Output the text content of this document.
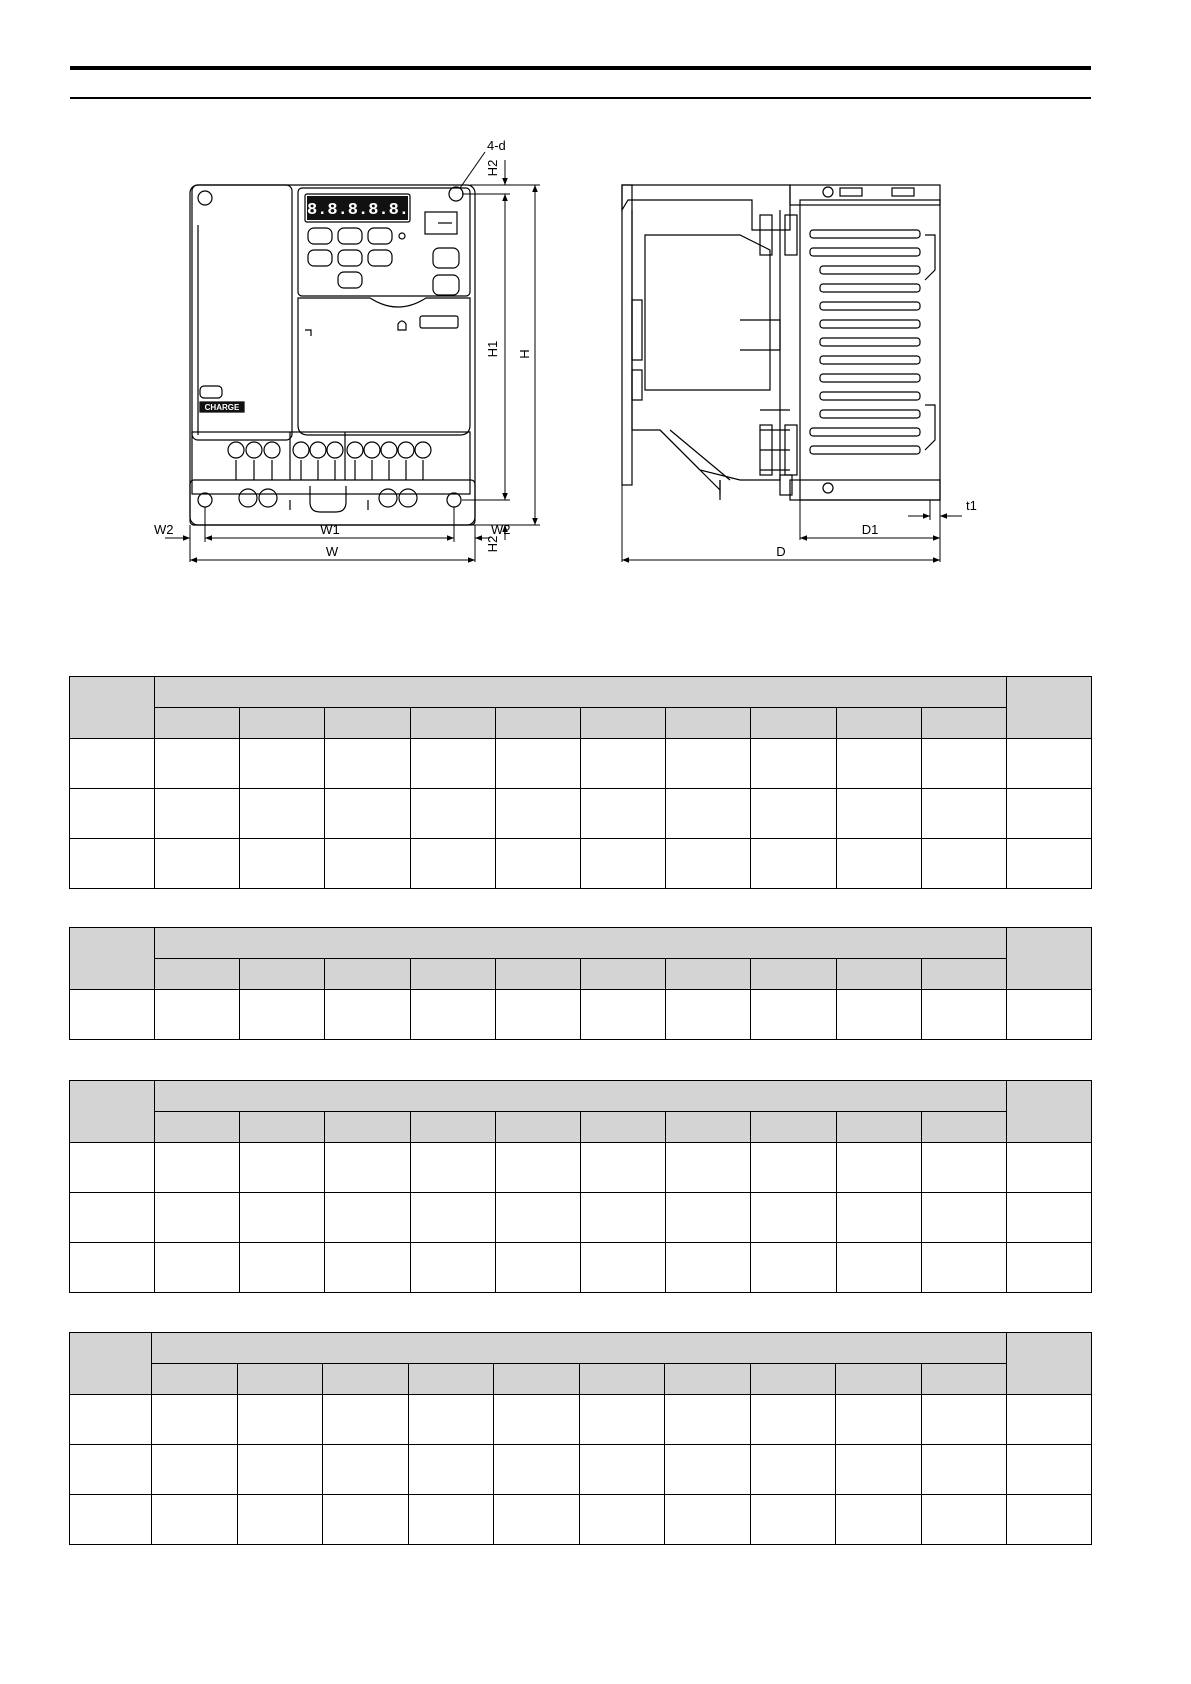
8.8.8.8.8.
CHARGE
4-d
H2
H1 H
H2
W2	W1	W2
W	D
D1
t1
